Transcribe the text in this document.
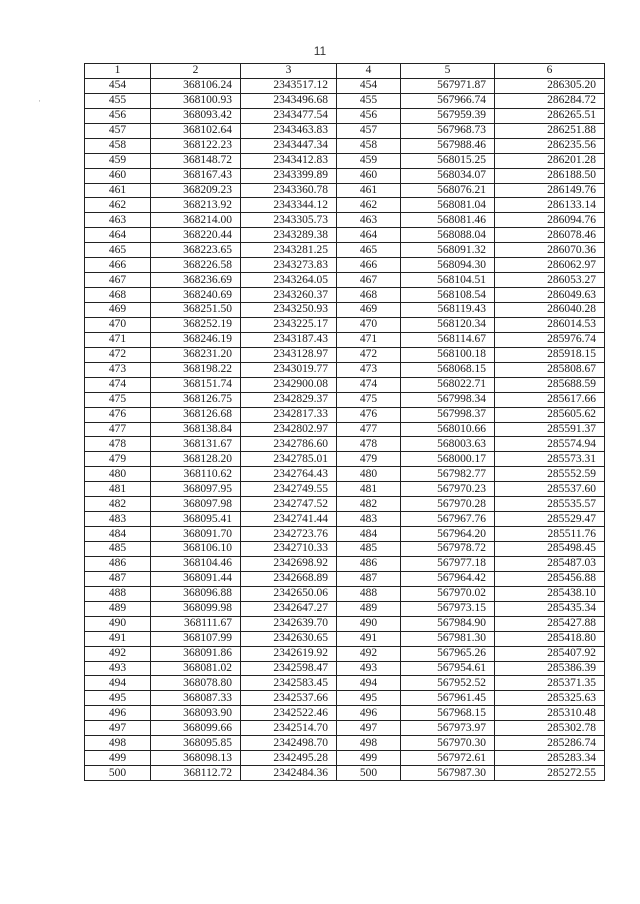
11
·
1	2	3	4	5	6
454	368106.24	2343517.12	454	567971.87	286305.20
455	368100.93	2343496.68	455	567966.74	286284.72
456	368093.42	2343477.54	456	567959.39	286265.51
457	368102.64	2343463.83	457	567968.73	286251.88
458	368122.23	2343447.34	458	567988.46	286235.56
459	368148.72	2343412.83	459	568015.25	286201.28
460	368167.43	2343399.89	460	568034.07	286188.50
461	368209.23	2343360.78	461	568076.21	286149.76
462	368213.92	2343344.12	462	568081.04	286133.14
463	368214.00	2343305.73	463	568081.46	286094.76
464	368220.44	2343289.38	464	568088.04	286078.46
465	368223.65	2343281.25	465	568091.32	286070.36
466	368226.58	2343273.83	466	568094.30	286062.97
467	368236.69	2343264.05	467	568104.51	286053.27
468	368240.69	2343260.37	468	568108.54	286049.63
469	368251.50	2343250.93	469	568119.43	286040.28
470	368252.19	2343225.17	470	568120.34	286014.53
471	368246.19	2343187.43	471	568114.67	285976.74
472	368231.20	2343128.97	472	568100.18	285918.15
473	368198.22	2343019.77	473	568068.15	285808.67
474	368151.74	2342900.08	474	568022.71	285688.59
475	368126.75	2342829.37	475	567998.34	285617.66
476	368126.68	2342817.33	476	567998.37	285605.62
477	368138.84	2342802.97	477	568010.66	285591.37
478	368131.67	2342786.60	478	568003.63	285574.94
479	368128.20	2342785.01	479	568000.17	285573.31
480	368110.62	2342764.43	480	567982.77	285552.59
481	368097.95	2342749.55	481	567970.23	285537.60
482	368097.98	2342747.52	482	567970.28	285535.57
483	368095.41	2342741.44	483	567967.76	285529.47
484	368091.70	2342723.76	484	567964.20	285511.76
485	368106.10	2342710.33	485	567978.72	285498.45
486	368104.46	2342698.92	486	567977.18	285487.03
487	368091.44	2342668.89	487	567964.42	285456.88
488	368096.88	2342650.06	488	567970.02	285438.10
489	368099.98	2342647.27	489	567973.15	285435.34
490	368111.67	2342639.70	490	567984.90	285427.88
491	368107.99	2342630.65	491	567981.30	285418.80
492	368091.86	2342619.92	492	567965.26	285407.92
493	368081.02	2342598.47	493	567954.61	285386.39
494	368078.80	2342583.45	494	567952.52	285371.35
495	368087.33	2342537.66	495	567961.45	285325.63
496	368093.90	2342522.46	496	567968.15	285310.48
497	368099.66	2342514.70	497	567973.97	285302.78
498	368095.85	2342498.70	498	567970.30	285286.74
499	368098.13	2342495.28	499	567972.61	285283.34
500	368112.72	2342484.36	500	567987.30	285272.55
